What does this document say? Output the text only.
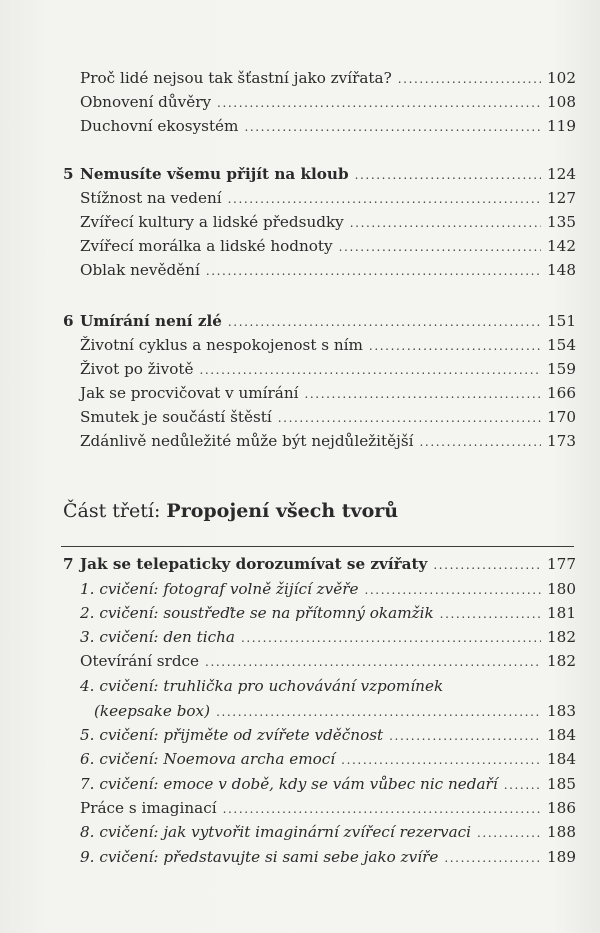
Proč lidé nejsou tak šťastní jako zvířata? .....	102
Obnovení důvěry .....	108
Duchovní ekosystém .....	119
5 Nemusíte všemu přijít na kloub .....	124
Stížnost na vedení .....	127
Zvířecí kultury a lidské předsudky .....	135
Zvířecí morálka a lidské hodnoty .....	142
Oblak nevědění .....	148
6 Umírání není zlé .....	151
Životní cyklus a nespokojenost s ním .....	154
Život po životě .....	159
Jak se procvičovat v umírání .....	166
Smutek je součástí štěstí .....	170
Zdánlivě nedůležité může být nejdůležitější .....	173
Část třetí: Propojení všech tvorů
7 Jak se telepaticky dorozumívat se zvířaty .....	177
1. cvičení: fotograf volně žijící zvěře .....	180
2. cvičení: soustřeďte se na přítomný okamžik .....	181
3. cvičení: den ticha .....	182
Otevírání srdce .....	182
4. cvičení: truhlička pro uchovávání vzpomínek
(keepsake box) .....	183
5. cvičení: přijměte od zvířete vděčnost .....	184
6. cvičení: Noemova archa emocí .....	184
7. cvičení: emoce v době, kdy se vám vůbec nic nedaří .....	185
Práce s imaginací .....	186
8. cvičení: jak vytvořit imaginární zvířecí rezervaci .....	188
9. cvičení: představujte si sami sebe jako zvíře .....	189
